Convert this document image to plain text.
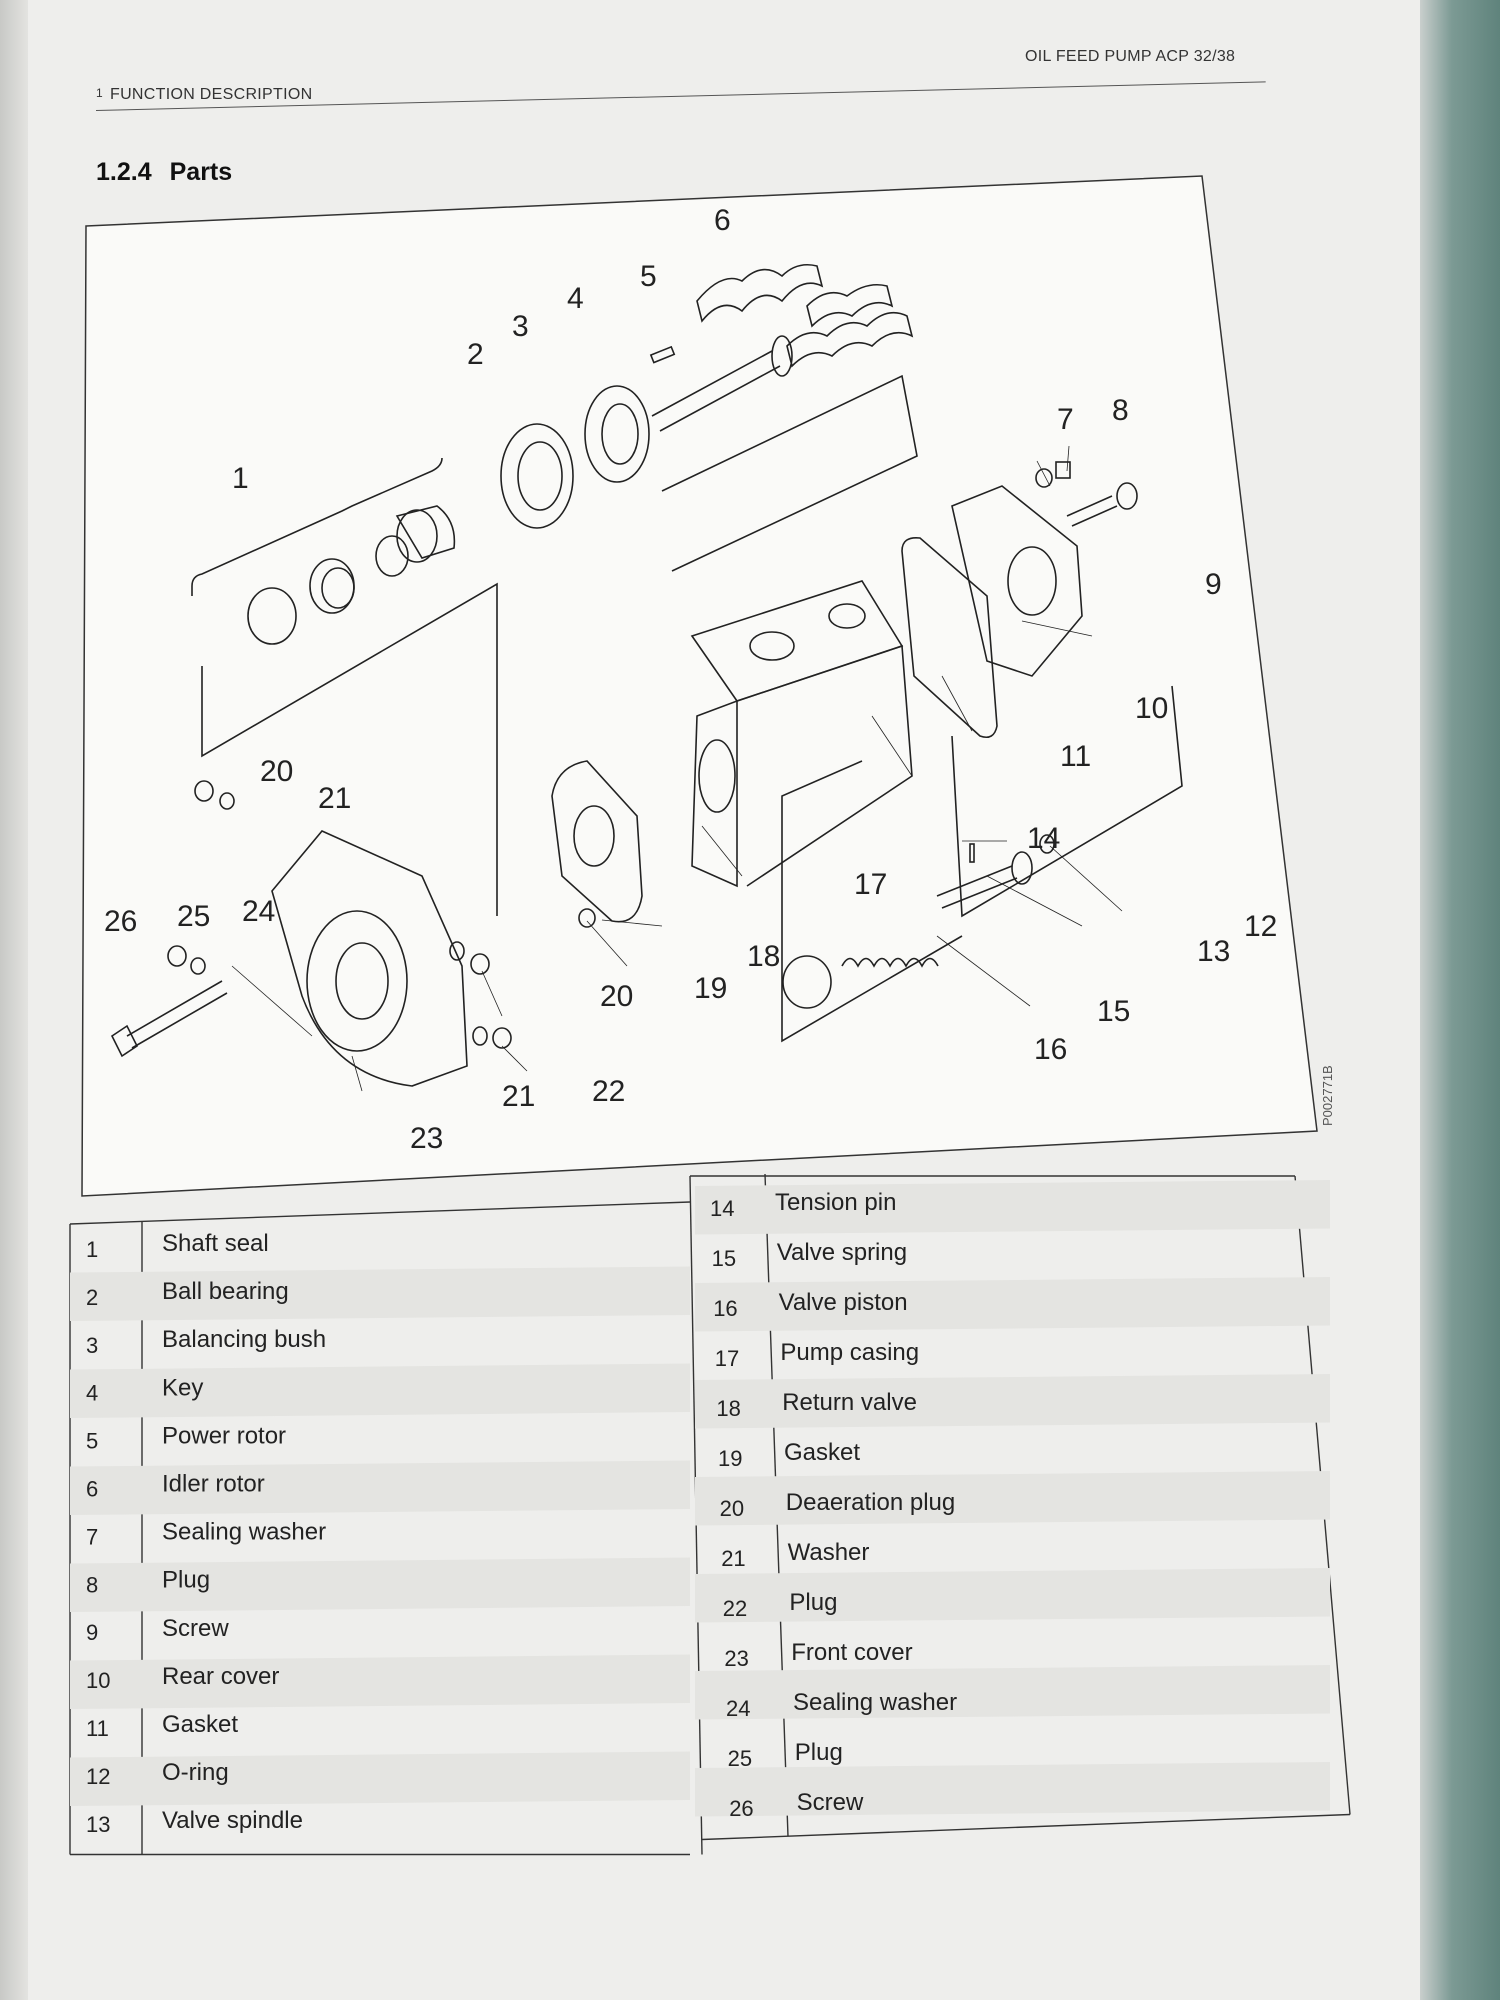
1 FUNCTION DESCRIPTION
OIL FEED PUMP ACP 32/38
1.2.4 Parts
1
2
3
4
5
6
7 8
9
10
11
12
13
14
15
16
17
18
19
20
20
21
21 22
23
24
25
26
P002771B
1	Shaft seal
2	Ball bearing
3	Balancing bush
4	Key
5	Power rotor
6	Idler rotor
7	Sealing washer
8	Plug
9	Screw
10 Rear cover
11 Gasket
12 O-ring
13 Valve spindle
14 Tension pin
15 Valve spring
16 Valve piston
17 Pump casing
18 Return valve
19 Gasket
20 Deaeration plug
21 Washer
22 Plug
23 Front cover
24 Sealing washer
25 Plug
26 Screw
